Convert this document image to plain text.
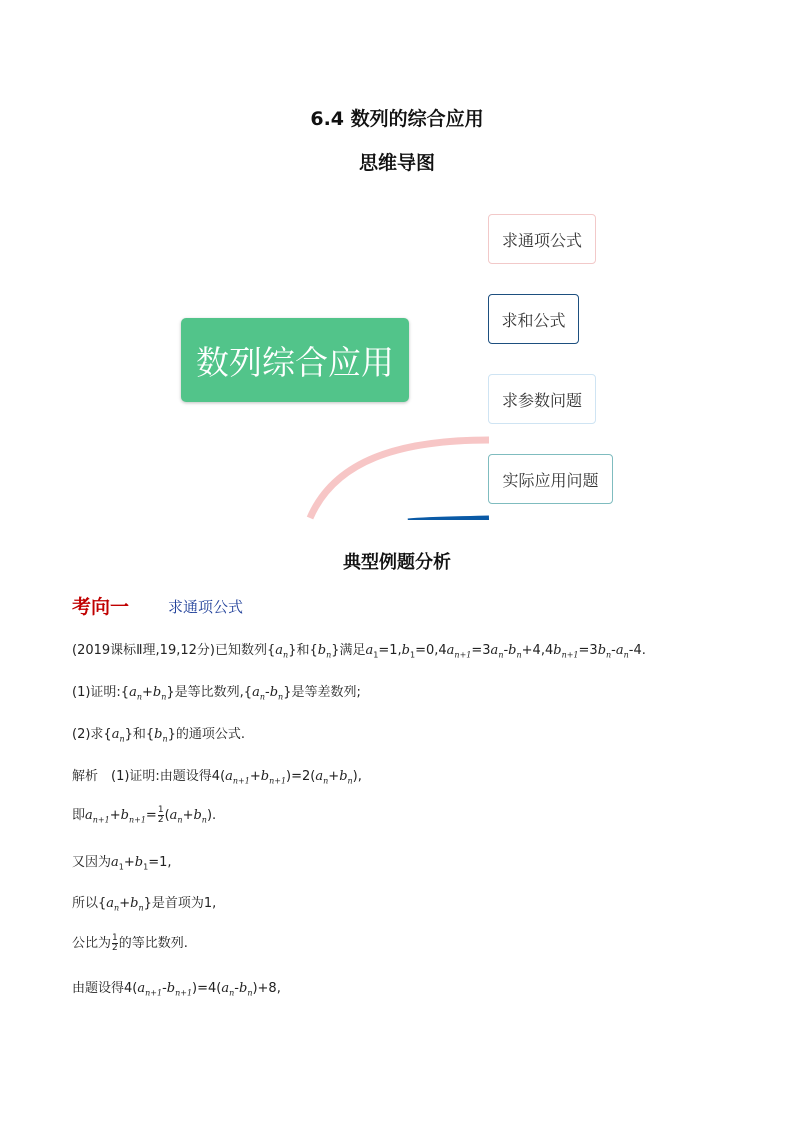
6.4 数列的综合应用
思维导图
数列综合应用
求通项公式
求和公式
求参数问题
实际应用问题
典型例题分析
考向一	求通项公式
(2019课标Ⅱ理,19,12分)已知数列$\{a_n\}$和$\{b_n\}$满足$a_1=1,b_1=0,4a_{n+1}=3a_n-b_n+4,4b_{n+1}=3b_n-a_n-4$.
(1)证明$:\{a_n+b_n\}$是等比数列$,\{a_n-b_n\}$是等差数列;
(2)求$\{a_n\}$和$\{b_n\}$的通项公式.
解析　(1)证明:由题设得$4(a_{n+1}+b_{n+1})=2(a_n+b_n)$,
即$a_{n+1}+b_{n+1}= \frac{1}{2} (a_n+b_n)$.
又因为$a_1+b_1=1$,
所以$\{a_n+b_n\}$是首项为1,
公比为 $\frac{1}{2}$ 的等比数列.
由题设得$4(a_{n+1}-b_{n+1})=4(a_n-b_n)+8$,
